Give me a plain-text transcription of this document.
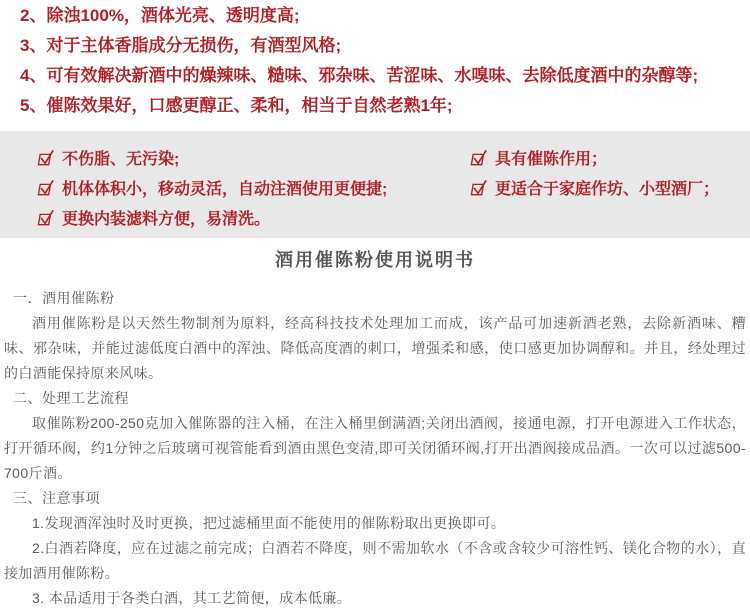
2、除浊100%，酒体光亮、透明度高;
3、对于主体香脂成分无损伤，有酒型风格;
4、可有效解决新酒中的燥辣味、糙味、邪杂味、苦涩味、水嗅味、去除低度酒中的杂醇等;
5、催陈效果好，口感更醇正、柔和，相当于自然老熟1年;
不伤脂、无污染;
机体体积小，移动灵活，自动注酒使用更便捷;
更换内装滤料方便，易清洗。
具有催陈作用；
更适合于家庭作坊、小型酒厂；
酒用催陈粉使用说明书
一．酒用催陈粉

酒用催陈粉是以天然生物制剂为原料，经高科技技术处理加工而成，该产品可加速新酒老熟，去除新酒味、糟味、邪杂味，并能过滤低度白酒中的浑浊、降低高度酒的刺口，增强柔和感，使口感更加协调醇和。并且，经处理过的白酒能保持原来风味。

二、处理工艺流程

取催陈粉200-250克加入催陈器的注入桶，在注入桶里倒满酒;关闭出酒阀，接通电源，打开电源进入工作状态，打开循环阀，约1分钟之后玻璃可视管能看到酒由黑色变清,即可关闭循环阀,打开出酒阀接成品酒。一次可以过滤500-700斤酒。

三、注意事项

1.发现酒浑浊时及时更换，把过滤桶里面不能使用的催陈粉取出更换即可。

2.白酒若降度，应在过滤之前完成；白酒若不降度，则不需加软水（不含或含较少可溶性钙、镁化合物的水），直接加酒用催陈粉。

3. 本品适用于各类白酒，其工艺简便，成本低廉。
